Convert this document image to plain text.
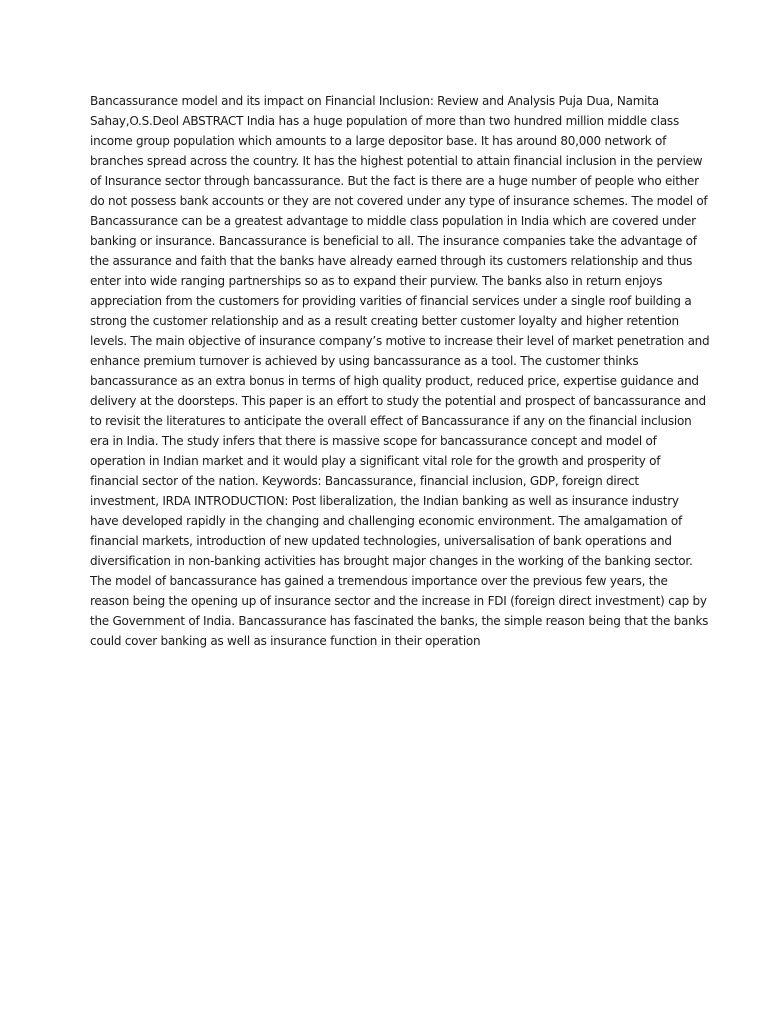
Bancassurance model and its impact on Financial Inclusion: Review and Analysis Puja Dua, Namita Sahay,O.S.Deol ABSTRACT India has a huge population of more than two hundred million middle class income group population which amounts to a large depositor base. It has around 80,000 network of branches spread across the country. It has the highest potential to attain financial inclusion in the perview of Insurance sector through bancassurance. But the fact is there are a huge number of people who either do not possess bank accounts or they are not covered under any type of insurance schemes. The model of Bancassurance can be a greatest advantage to middle class population in India which are covered under banking or insurance. Bancassurance is beneficial to all. The insurance companies take the advantage of the assurance and faith that the banks have already earned through its customers relationship and thus enter into wide ranging partnerships so as to expand their purview. The banks also in return enjoys appreciation from the customers for providing varities of financial services under a single roof building a strong the customer relationship and as a result creating better customer loyalty and higher retention levels. The main objective of insurance company’s motive to increase their level of market penetration and enhance premium turnover is achieved by using bancassurance as a tool. The customer thinks bancassurance as an extra bonus in terms of high quality product, reduced price, expertise guidance and delivery at the doorsteps. This paper is an effort to study the potential and prospect of bancassurance and to revisit the literatures to anticipate the overall effect of Bancassurance if any on the financial inclusion era in India. The study infers that there is massive scope for bancassurance concept and model of operation in Indian market and it would play a significant vital role for the growth and prosperity of financial sector of the nation. Keywords: Bancassurance, financial inclusion, GDP, foreign direct investment, IRDA INTRODUCTION: Post liberalization, the Indian banking as well as insurance industry have developed rapidly in the changing and challenging economic environment. The amalgamation of financial markets, introduction of new updated technologies, universalisation of bank operations and diversification in non-banking activities has brought major changes in the working of the banking sector. The model of bancassurance has gained a tremendous importance over the previous few years, the reason being the opening up of insurance sector and the increase in FDI (foreign direct investment) cap by the Government of India. Bancassurance has fascinated the banks, the simple reason being that the banks could cover banking as well as insurance function in their operation
